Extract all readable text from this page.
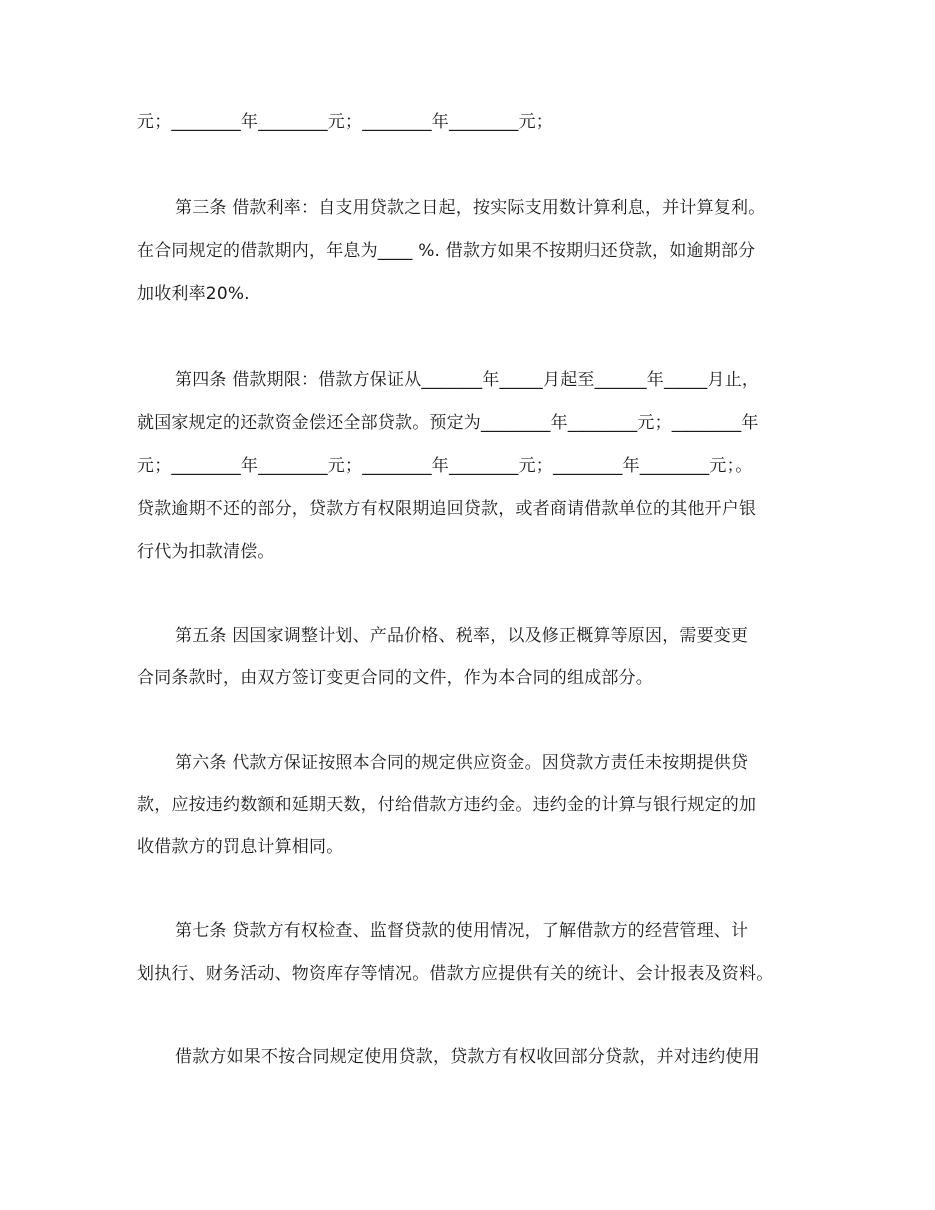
元；________年________元；________年________元；
第三条 借款利率：自支用贷款之日起，按实际支用数计算利息，并计算复利。
在合同规定的借款期内，年息为____ %. 借款方如果不按期归还贷款，如逾期部分
加收利率20%.
第四条 借款期限：借款方保证从_______年_____月起至______年_____月止，
就国家规定的还款资金偿还全部贷款。预定为________年________元；________年
元；________年________元；________年________元；________年________元；。
贷款逾期不还的部分，贷款方有权限期追回贷款，或者商请借款单位的其他开户银
行代为扣款清偿。
第五条 因国家调整计划、产品价格、税率，以及修正概算等原因，需要变更
合同条款时，由双方签订变更合同的文件，作为本合同的组成部分。
第六条 代款方保证按照本合同的规定供应资金。因贷款方责任未按期提供贷
款，应按违约数额和延期天数，付给借款方违约金。违约金的计算与银行规定的加
收借款方的罚息计算相同。
第七条 贷款方有权检查、监督贷款的使用情况，了解借款方的经营管理、计
划执行、财务活动、物资库存等情况。借款方应提供有关的统计、会计报表及资料。
借款方如果不按合同规定使用贷款，贷款方有权收回部分贷款，并对违约使用
